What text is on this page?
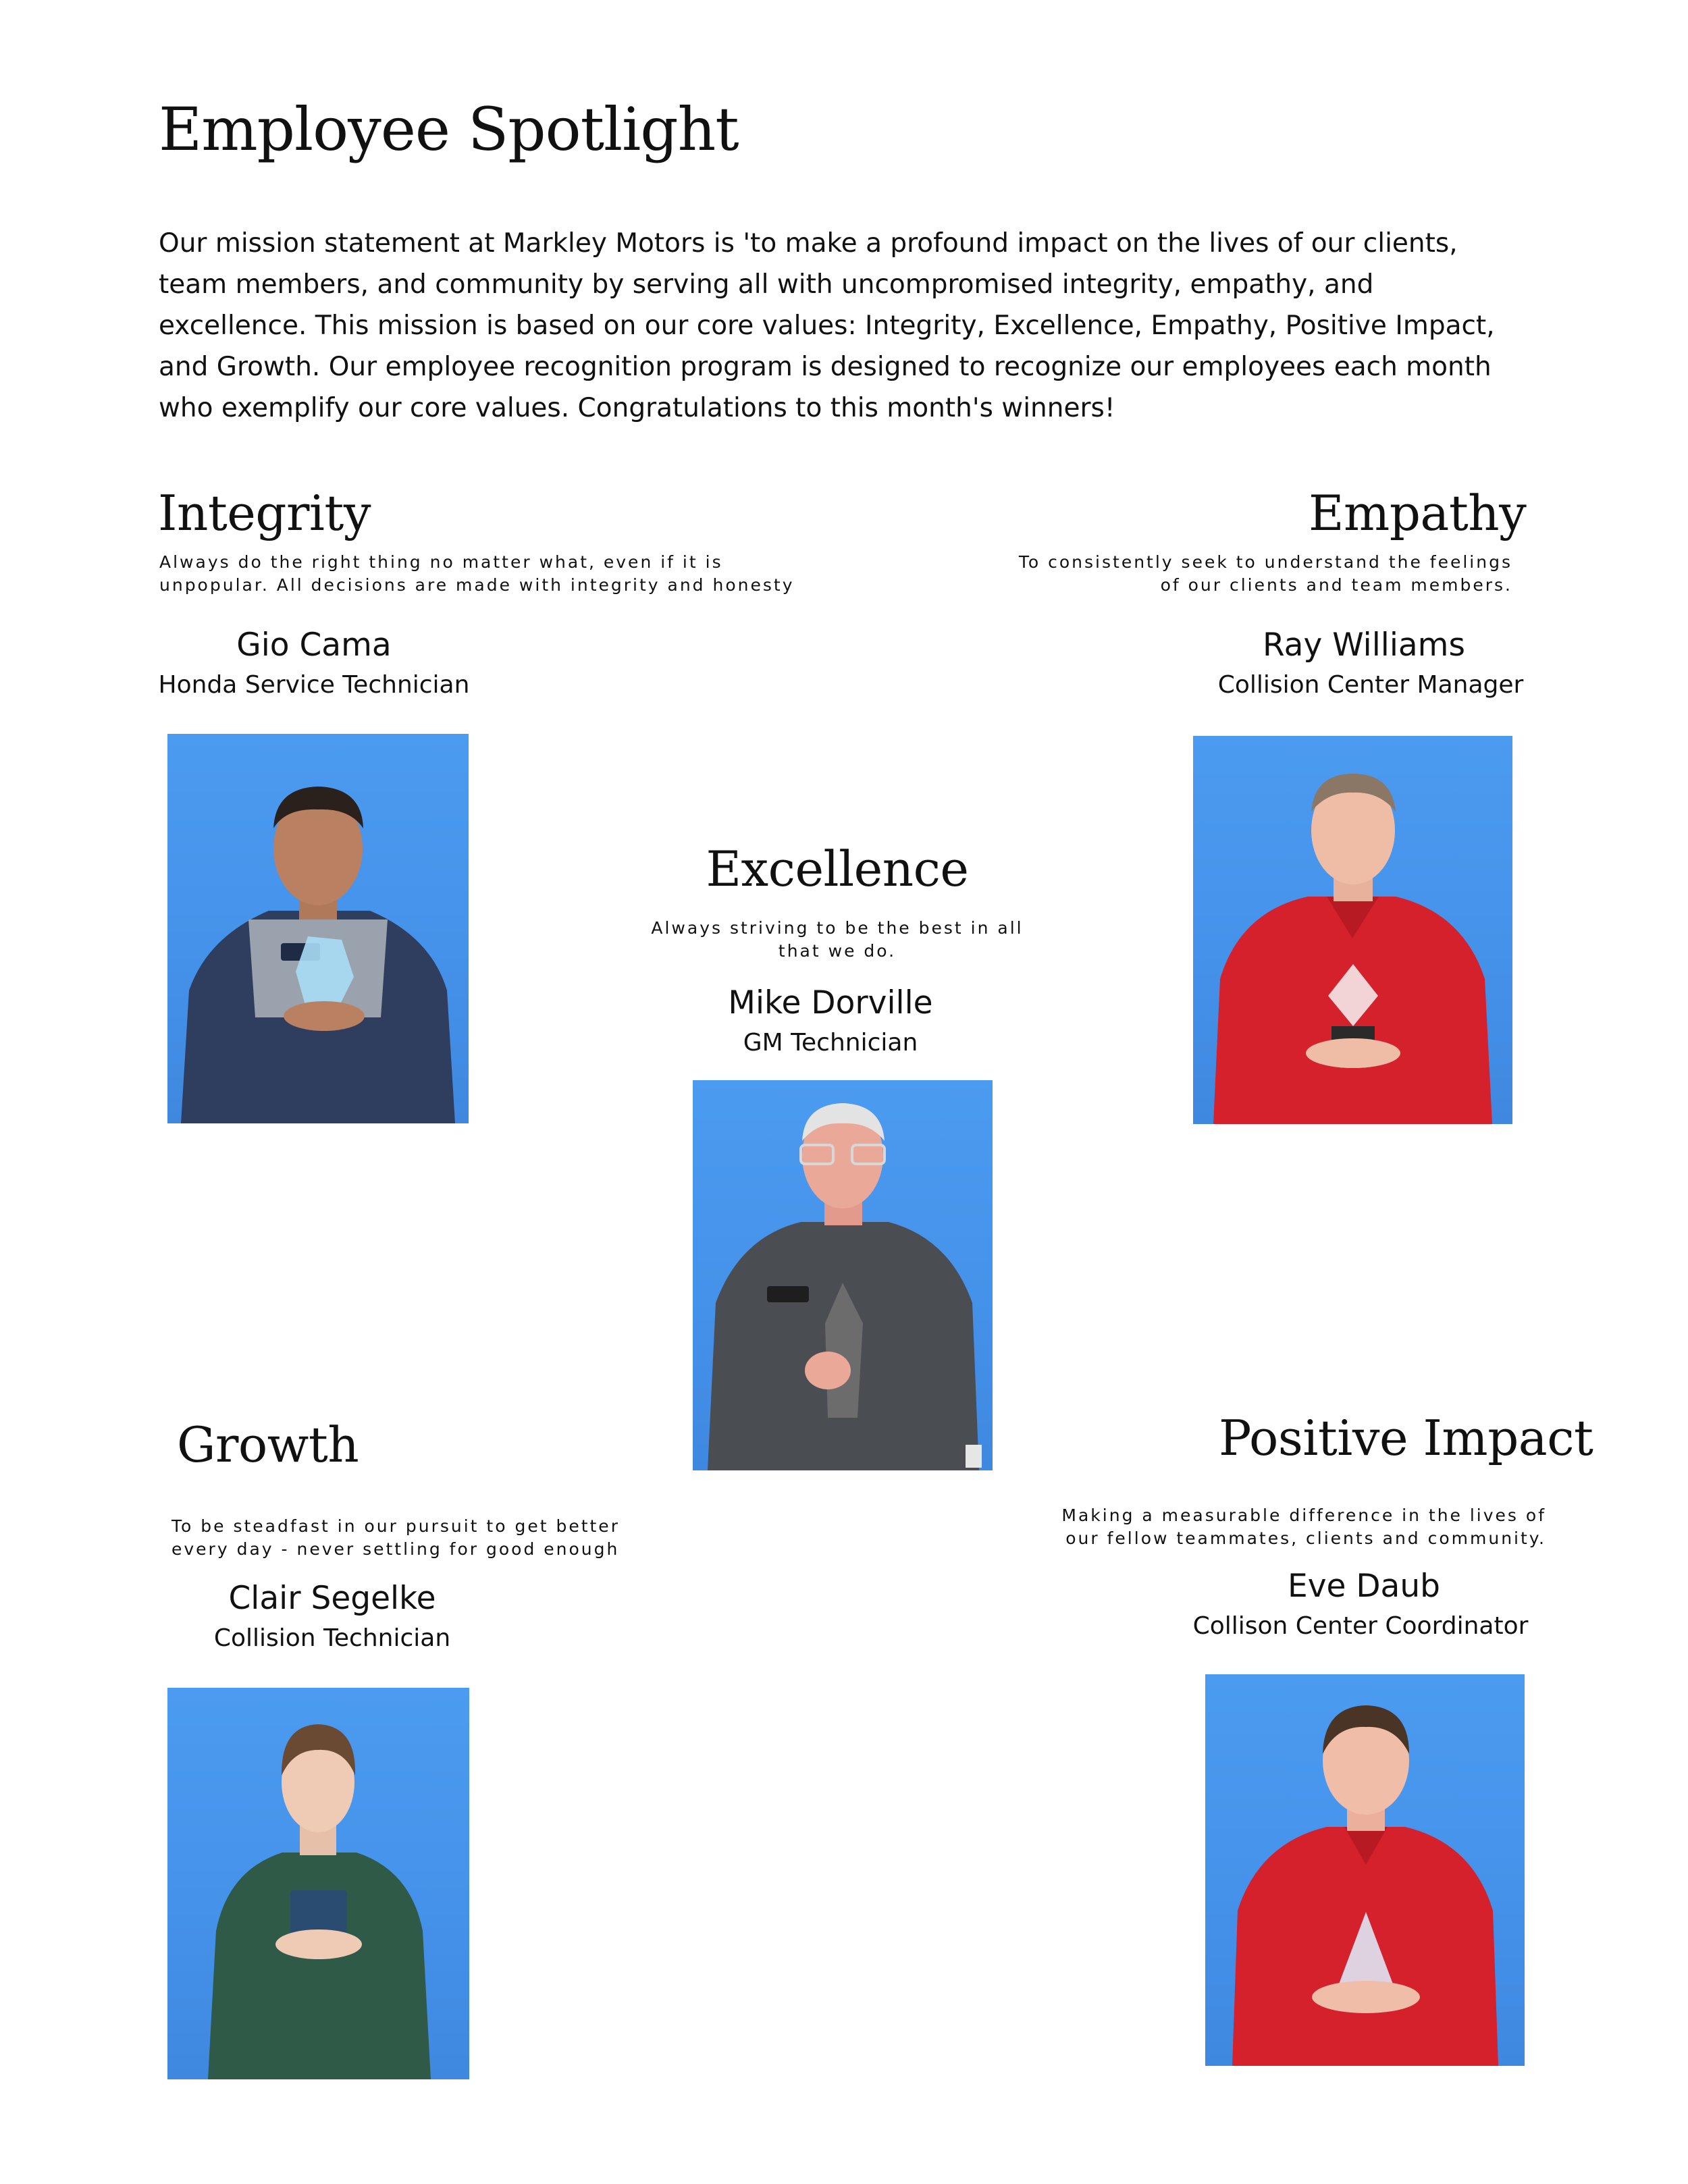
Employee Spotlight

Our mission statement at Markley Motors is 'to make a profound impact on the lives of our clients, team members, and community by serving all with uncompromised integrity, empathy, and excellence. This mission is based on our core values: Integrity, Excellence, Empathy, Positive Impact, and Growth. Our employee recognition program is designed to recognize our employees each month who exemplify our core values. Congratulations to this month's winners!

Integrity
Always do the right thing no matter what, even if it is
unpopular. All decisions are made with integrity and honesty
Gio Cama
Honda Service Technician
Empathy
To consistently seek to understand the feelings
of our clients and team members.
Ray Williams
Collision Center Manager
Excellence
Always striving to be the best in all
that we do.
Mike Dorville
GM Technician
Growth
To be steadfast in our pursuit to get better
every day - never settling for good enough
Clair Segelke
Collision Technician
Positive Impact
Making a measurable difference in the lives of
our fellow teammates, clients and community.
Eve Daub
Collison Center Coordinator
